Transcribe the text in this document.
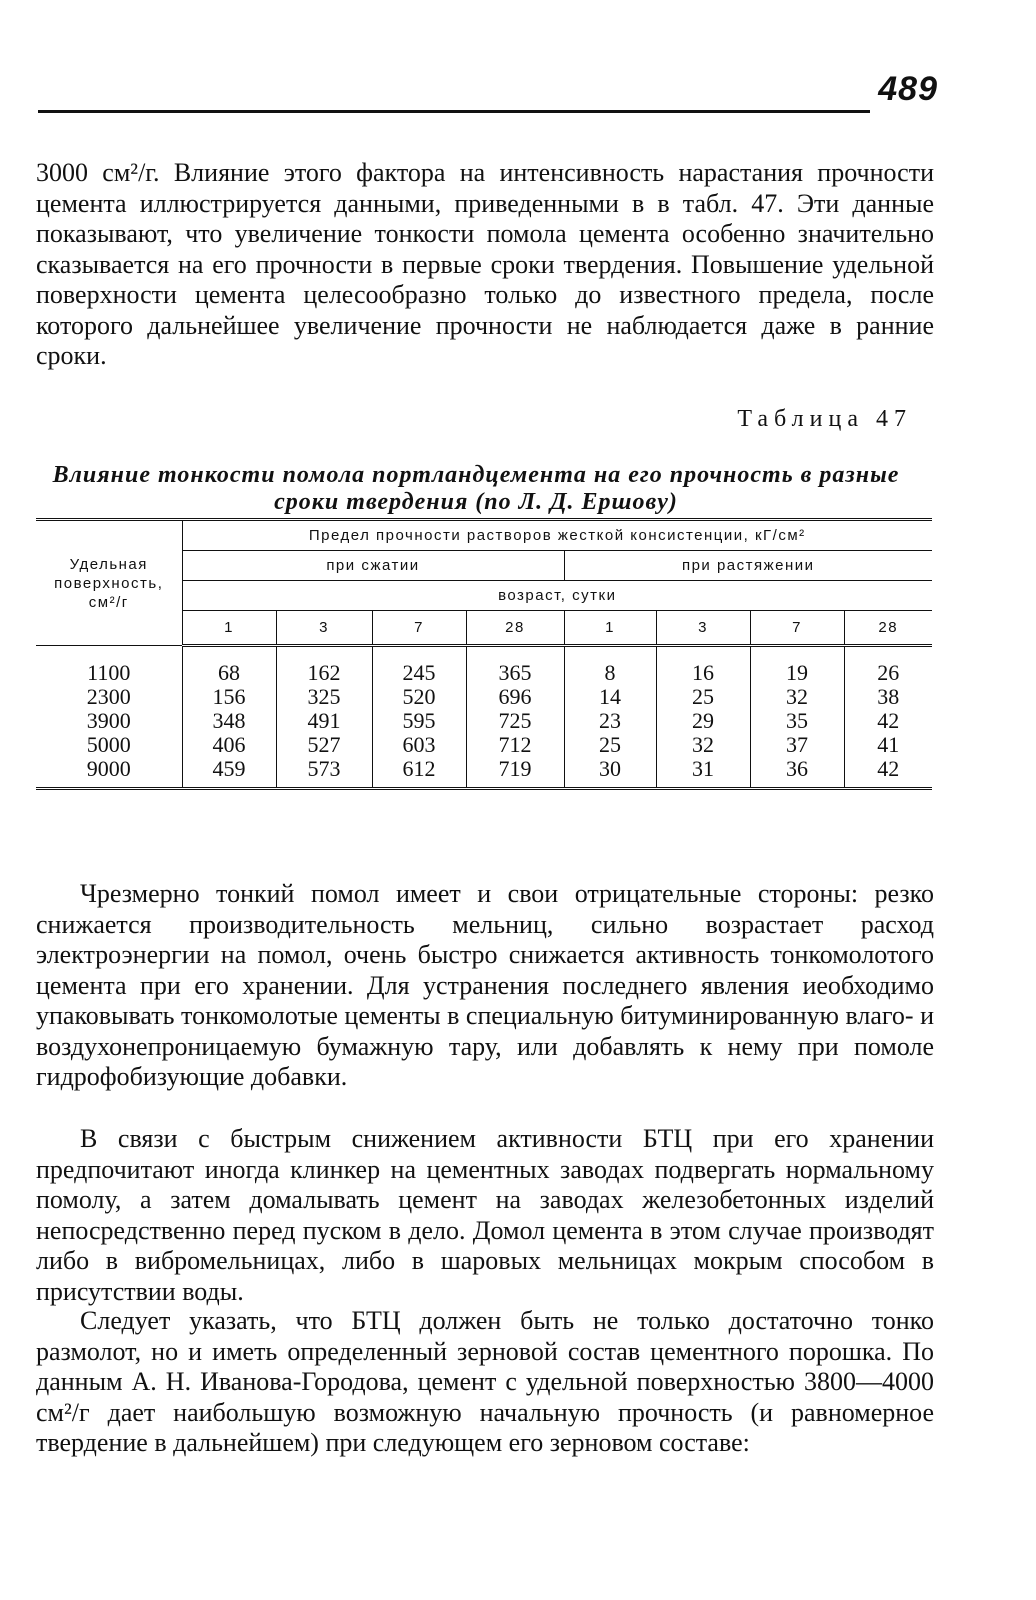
489

3000 см²/г. Влияние этого фактора на интенсивность нарастания прочности цемента иллюстрируется данными, приведенными в в табл. 47. Эти данные показывают, что увеличение тонкости помола цемента особенно значительно сказывается на его прочности в первые сроки твердения. Повышение удельной поверхности цемента целесообразно только до известного предела, после которого дальнейшее увеличение прочности не наблюдается даже в ранние сроки.

Таблица 47

Влияние тонкости помола портландцемента на его прочность в разные сроки твердения (по Л. Д. Ершову)

Удельная поверхность, см²/г	Предел прочности растворов жесткой консистенции, кГ/см²							
	при сжатии				при растяжении			
	возраст, сутки							
	1	3	7	28	1	3	7	28
1100	68	162	245	365	8	16	19	26
2300	156	325	520	696	14	25	32	38
3900	348	491	595	725	23	29	35	42
5000	406	527	603	712	25	32	37	41
9000	459	573	612	719	30	31	36	42

Чрезмерно тонкий помол имеет и свои отрицательные стороны: резко снижается производительность мельниц, сильно возрастает расход электроэнергии на помол, очень быстро снижается активность тонкомолотого цемента при его хранении. Для устранения последнего явления иеобходимо упаковывать тонкомолотые цементы в специальную битуминированную влаго- и воздухонепроницаемую бумажную тару, или добавлять к нему при помоле гидрофобизующие добавки.

В связи с быстрым снижением активности БТЦ при его хранении предпочитают иногда клинкер на цементных заводах подвергать нормальному помолу, а затем домалывать цемент на заводах железобетонных изделий непосредственно перед пуском в дело. Домол цемента в этом случае производят либо в вибромельницах, либо в шаровых мельницах мокрым способом в присутствии воды.

Следует указать, что БТЦ должен быть не только достаточно тонко размолот, но и иметь определенный зерновой состав цементного порошка. По данным А. Н. Иванова-Городова, цемент с удельной поверхностью 3800—4000 см²/г дает наибольшую возможную начальную прочность (и равномерное твердение в дальнейшем) при следующем его зерновом составе:
